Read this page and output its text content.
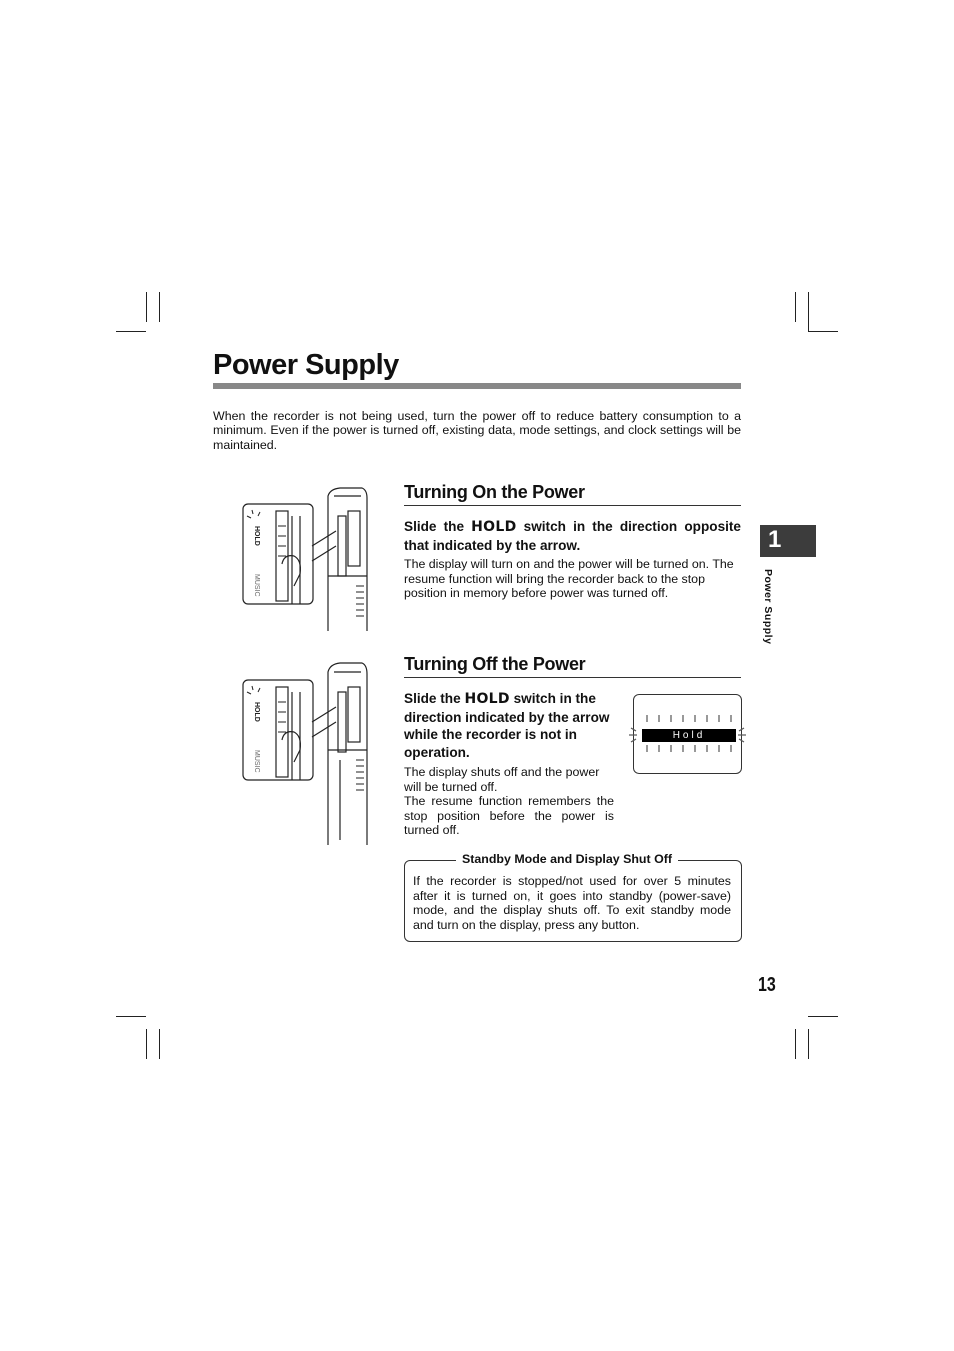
Power Supply
When the recorder is not being used, turn the power off to reduce battery consumption to a minimum. Even if the power is turned off, existing data, mode settings, and clock settings will be maintained.
1
Power Supply
Turning On the Power
Slide the HOLD switch in the direction opposite that indicated by the arrow.
The display will turn on and the power will be turned on. The resume function will bring the recorder back to the stop position in memory before power was turned off.
Turning Off the Power
Slide the HOLD switch in the direction indicated by the arrow while the recorder is not in operation.
The display shuts off and the power will be turned off.
The resume function remembers the stop position before the power is turned off.
Hold
HOLD
MUSIC
HOLD
MUSIC
Standby Mode and Display Shut Off
If the recorder is stopped/not used for over 5 minutes after it is turned on, it goes into standby (power-save) mode, and the display shuts off. To exit standby mode and turn on the display, press any button.
13
